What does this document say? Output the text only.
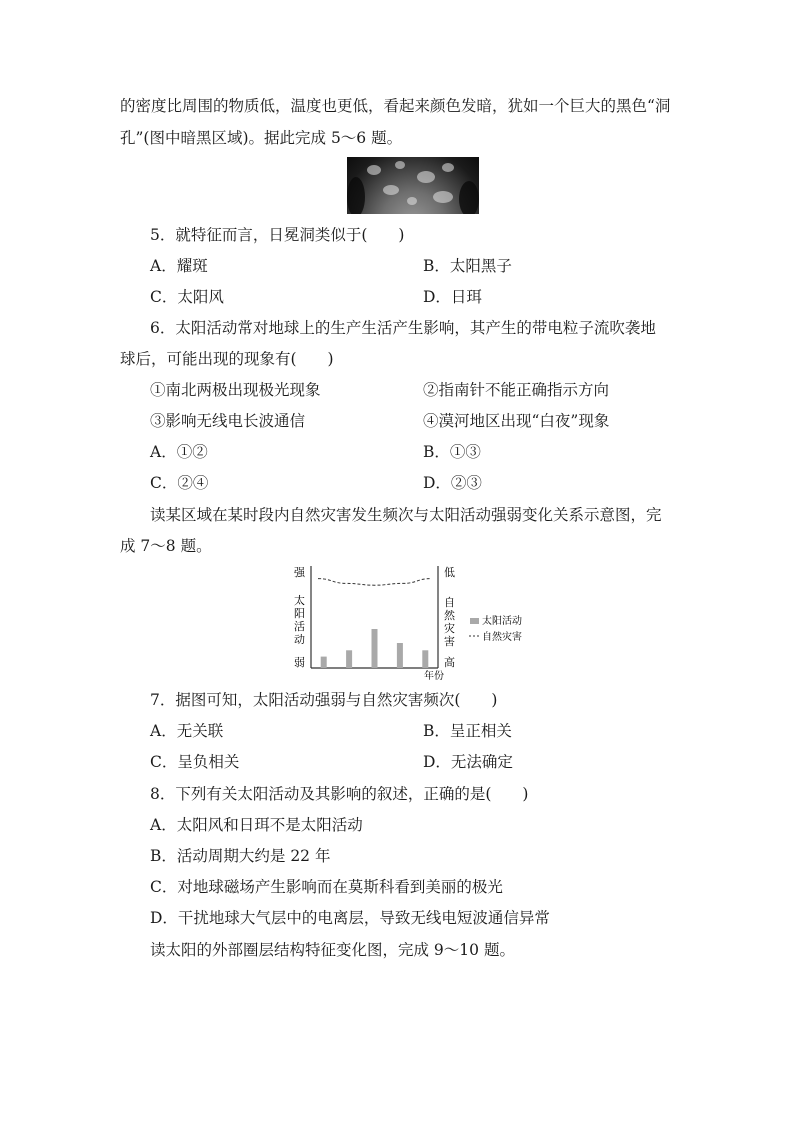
的密度比周围的物质低，温度也更低，看起来颜色发暗，犹如一个巨大的黑色“洞
孔”(图中暗黑区域)。据此完成 5～6 题。
5．就特征而言，日冕洞类似于(　　)
A．耀斑	B．太阳黑子
C．太阳风	D．日珥
6．太阳活动常对地球上的生产生活产生影响，其产生的带电粒子流吹袭地
球后，可能出现的现象有(　　)
①南北两极出现极光现象	②指南针不能正确指示方向
③影响无线电长波通信	④漠河地区出现“白夜”现象
A．①②	B．①③
C．②④	D．②③
读某区域在某时段内自然灾害发生频次与太阳活动强弱变化关系示意图，完
成 7～8 题。
强
太
阳
活
动
弱
低
自
然
灾
害
高
年份
太阳活动
自然灾害
7．据图可知，太阳活动强弱与自然灾害频次(　　)
A．无关联	B．呈正相关
C．呈负相关	D．无法确定
8．下列有关太阳活动及其影响的叙述，正确的是(　　)
A．太阳风和日珥不是太阳活动
B．活动周期大约是 22 年
C．对地球磁场产生影响而在莫斯科看到美丽的极光
D．干扰地球大气层中的电离层，导致无线电短波通信异常
读太阳的外部圈层结构特征变化图，完成 9～10 题。
